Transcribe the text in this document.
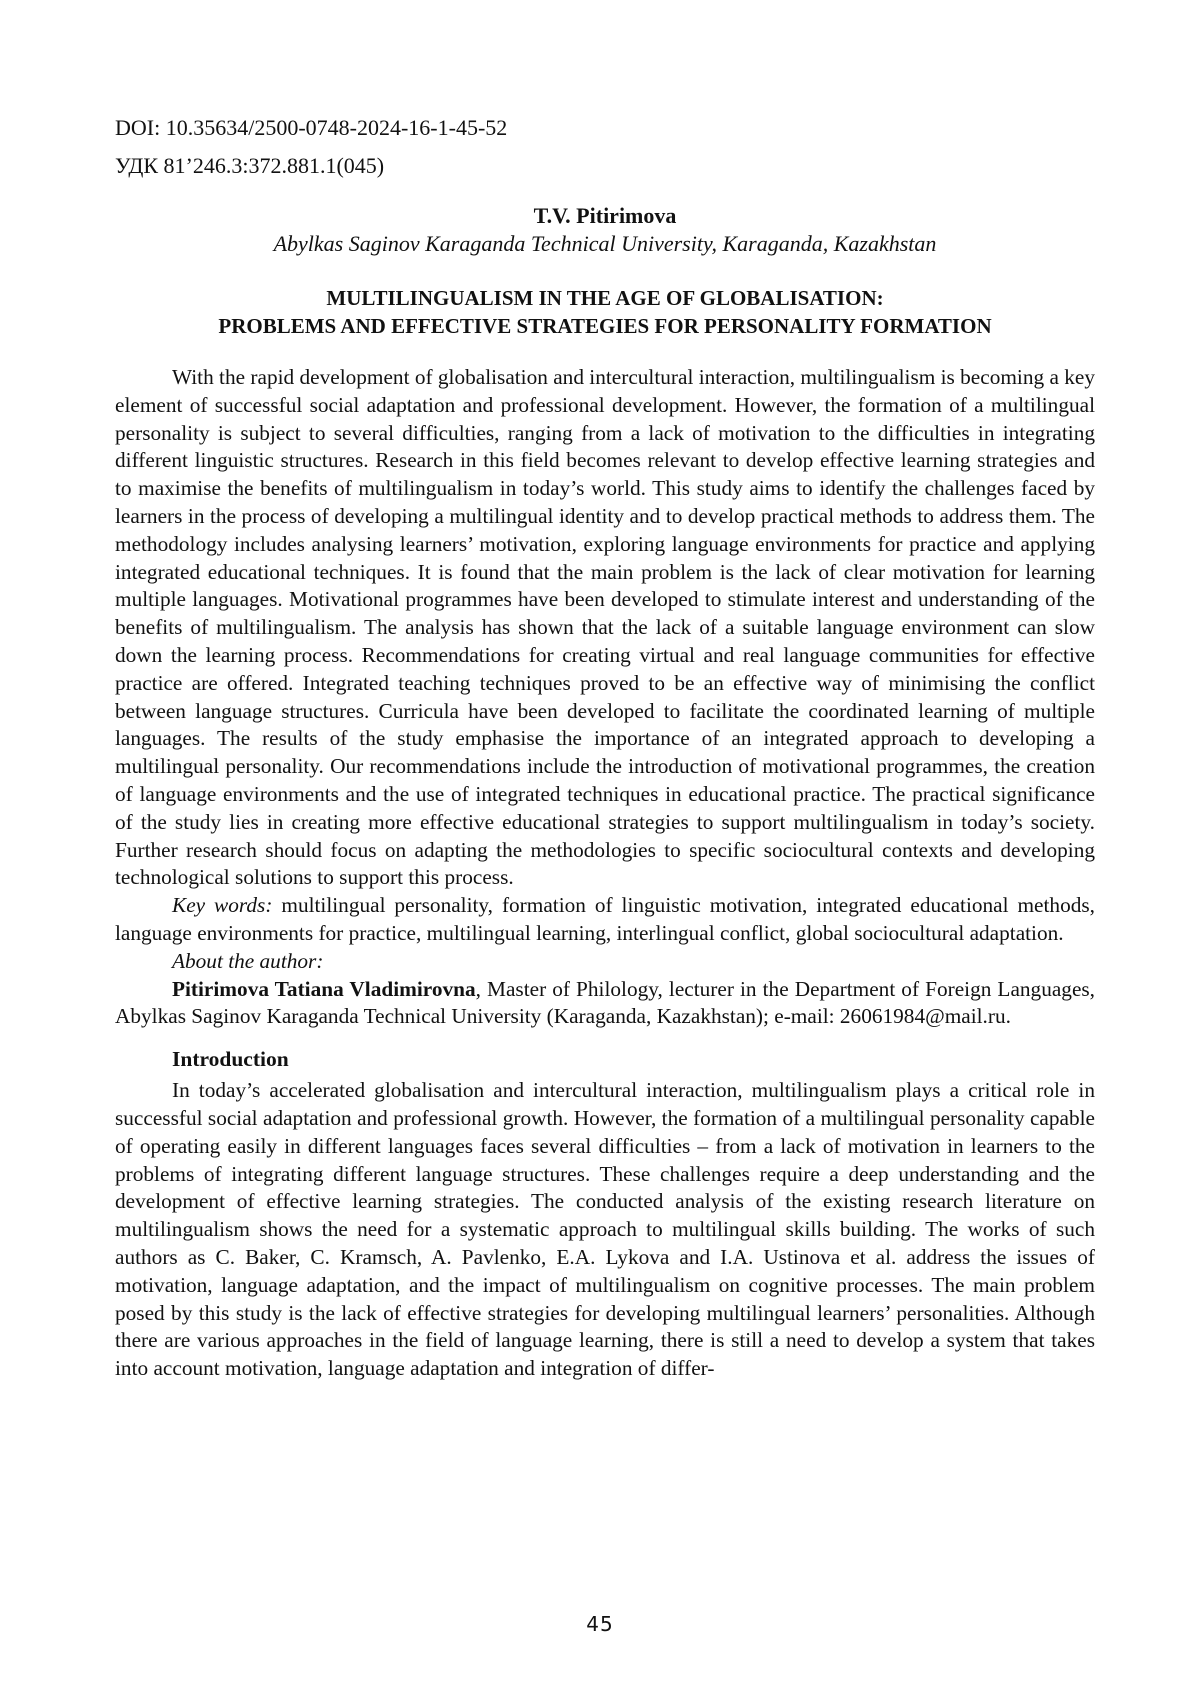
DOI: 10.35634/2500-0748-2024-16-1-45-52
УДК 81’246.3:372.881.1(045)
T.V. Pitirimova
Abylkas Saginov Karaganda Technical University, Karaganda, Kazakhstan
MULTILINGUALISM IN THE AGE OF GLOBALISATION:
PROBLEMS AND EFFECTIVE STRATEGIES FOR PERSONALITY FORMATION

With the rapid development of globalisation and intercultural interaction, multilingualism is becoming a key element of successful social adaptation and professional development. However, the formation of a multilingual personality is subject to several difficulties, ranging from a lack of motivation to the difficulties in integrating different linguistic structures. Research in this field becomes relevant to develop effective learning strategies and to maximise the benefits of multilingualism in today’s world. This study aims to identify the challenges faced by learners in the process of developing a multilingual identity and to develop practical methods to address them. The methodology includes analysing learners’ motivation, exploring language environments for practice and applying integrated educational techniques. It is found that the main problem is the lack of clear motivation for learning multiple languages. Motivational programmes have been developed to stimulate interest and understanding of the benefits of multilingualism. The analysis has shown that the lack of a suitable language environment can slow down the learning process. Recommendations for creating virtual and real language communities for effective practice are offered. Integrated teaching techniques proved to be an effective way of minimising the conflict between language structures. Curricula have been developed to facilitate the coordinated learning of multiple languages. The results of the study emphasise the importance of an integrated approach to developing a multilingual personality. Our recommendations include the introduction of motivational programmes, the creation of language environments and the use of integrated techniques in educational practice. The practical significance of the study lies in creating more effective educational strategies to support multilingualism in today’s society. Further research should focus on adapting the methodologies to specific sociocultural contexts and developing technological solutions to support this process.

Key words: multilingual personality, formation of linguistic motivation, integrated educational methods, language environments for practice, multilingual learning, interlingual conflict, global sociocultural adaptation.

About the author:

Pitirimova Tatiana Vladimirovna, Master of Philology, lecturer in the Department of Foreign Languages, Abylkas Saginov Karaganda Technical University (Karaganda, Kazakhstan); e-mail: 26061984@mail.ru.

Introduction

In today’s accelerated globalisation and intercultural interaction, multilingualism plays a critical role in successful social adaptation and professional growth. However, the formation of a multilingual personality capable of operating easily in different languages faces several difficulties – from a lack of motivation in learners to the problems of integrating different language structures. These challenges require a deep understanding and the development of effective learning strategies. The conducted analysis of the existing research literature on multilingualism shows the need for a systematic approach to multilingual skills building. The works of such authors as C. Baker, C. Kramsch, A. Pavlenko, E.A. Lykova and I.A. Ustinova et al. address the issues of motivation, language adaptation, and the impact of multilingualism on cognitive processes. The main problem posed by this study is the lack of effective strategies for developing multilingual learners’ personalities. Although there are various approaches in the field of language learning, there is still a need to develop a system that takes into account motivation, language adaptation and integration of differ-

45
